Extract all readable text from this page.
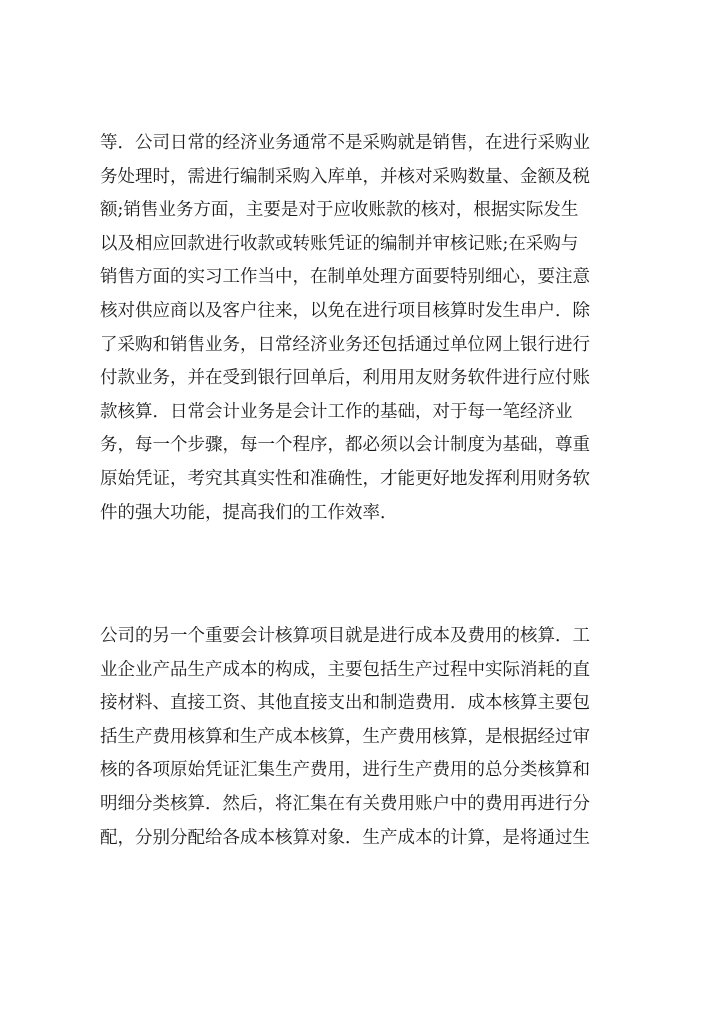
等．公司日常的经济业务通常不是采购就是销售，在进行采购业
务处理时，需进行编制采购入库单，并核对采购数量、金额及税
额;销售业务方面，主要是对于应收账款的核对，根据实际发生
以及相应回款进行收款或转账凭证的编制并审核记账;在采购与
销售方面的实习工作当中，在制单处理方面要特别细心，要注意
核对供应商以及客户往来，以免在进行项目核算时发生串户．除
了采购和销售业务，日常经济业务还包括通过单位网上银行进行
付款业务，并在受到银行回单后，利用用友财务软件进行应付账
款核算．日常会计业务是会计工作的基础，对于每一笔经济业
务，每一个步骤，每一个程序，都必须以会计制度为基础，尊重
原始凭证，考究其真实性和准确性，才能更好地发挥利用财务软
件的强大功能，提高我们的工作效率．
公司的另一个重要会计核算项目就是进行成本及费用的核算．工
业企业产品生产成本的构成，主要包括生产过程中实际消耗的直
接材料、直接工资、其他直接支出和制造费用．成本核算主要包
括生产费用核算和生产成本核算，生产费用核算，是根据经过审
核的各项原始凭证汇集生产费用，进行生产费用的总分类核算和
明细分类核算．然后，将汇集在有关费用账户中的费用再进行分
配，分别分配给各成本核算对象．生产成本的计算，是将通过生
